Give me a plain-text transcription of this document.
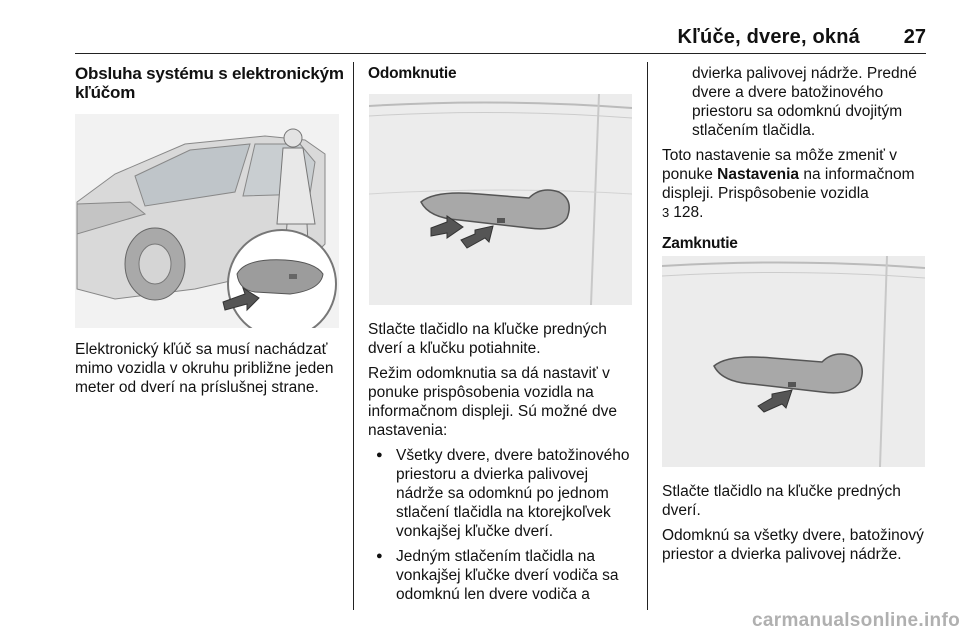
Kľúče, dvere, okná	27
Obsluha systému s elektronickým kľúčom

Elektronický kľúč sa musí nachádzať mimo vozidla v okruhu približne jeden meter od dverí na príslušnej strane.

Odomknutie

Stlačte tlačidlo na kľučke predných dverí a kľučku potiahnite.

Režim odomknutia sa dá nastaviť v ponuke prispôsobenia vozidla na informačnom displeji. Sú možné dve nastavenia:

● Všetky dvere, dvere batožinového priestoru a dvierka palivovej nádrže sa odomknú po jednom stlačení tlačidla na ktorejkoľvek vonkajšej kľučke dverí.
● Jedným stlačením tlačidla na vonkajšej kľučke dverí vodiča sa odomknú len dvere vodiča a

dvierka palivovej nádrže. Predné dvere a dvere batožinového priestoru sa odomknú dvojitým stlačením tlačidla.

Toto nastavenie sa môže zmeniť v ponuke Nastavenia na informačnom displeji. Prispôsobenie vozidla
3 128.

Zamknutie

Stlačte tlačidlo na kľučke predných dverí.

Odomknú sa všetky dvere, batožinový priestor a dvierka palivovej nádrže.

carmanualsonline.info
